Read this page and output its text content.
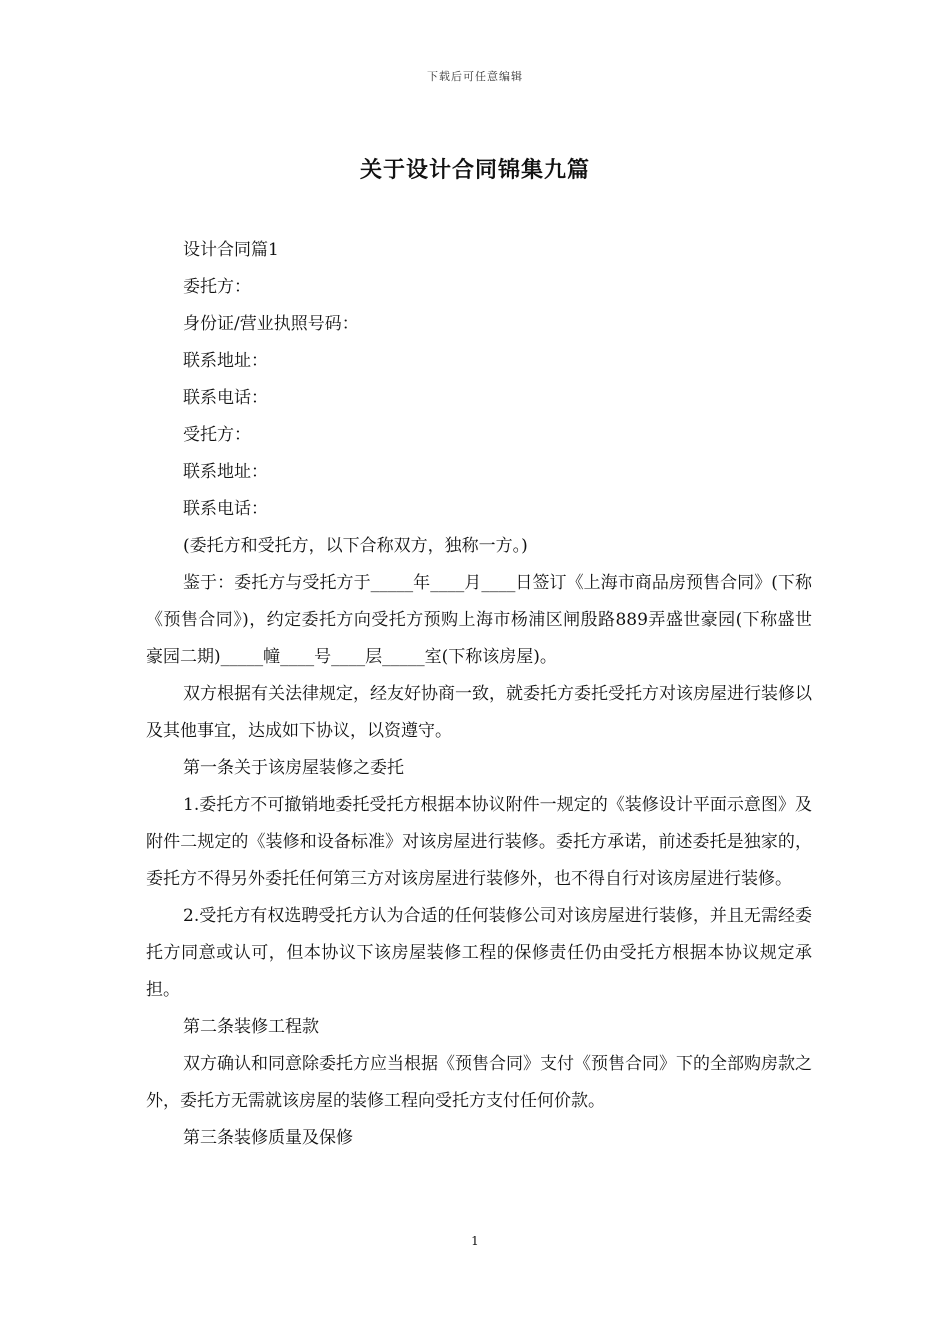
下载后可任意编辑
关于设计合同锦集九篇

设计合同篇1

委托方：

身份证/营业执照号码：

联系地址：

联系电话：

受托方：

联系地址：

联系电话：

(委托方和受托方，以下合称双方，独称一方。)

鉴于：委托方与受托方于_____年____月____日签订《上海市商品房预售合同》(下称《预售合同》)，约定委托方向受托方预购上海市杨浦区闸殷路889弄盛世豪园(下称盛世豪园二期)_____幢____号____层_____室(下称该房屋)。

双方根据有关法律规定，经友好协商一致，就委托方委托受托方对该房屋进行装修以及其他事宜，达成如下协议，以资遵守。

第一条关于该房屋装修之委托

1.委托方不可撤销地委托受托方根据本协议附件一规定的《装修设计平面示意图》及附件二规定的《装修和设备标准》对该房屋进行装修。委托方承诺，前述委托是独家的，委托方不得另外委托任何第三方对该房屋进行装修外，也不得自行对该房屋进行装修。

2.受托方有权选聘受托方认为合适的任何装修公司对该房屋进行装修，并且无需经委托方同意或认可，但本协议下该房屋装修工程的保修责任仍由受托方根据本协议规定承担。

第二条装修工程款

双方确认和同意除委托方应当根据《预售合同》支付《预售合同》下的全部购房款之外，委托方无需就该房屋的装修工程向受托方支付任何价款。

第三条装修质量及保修

1
